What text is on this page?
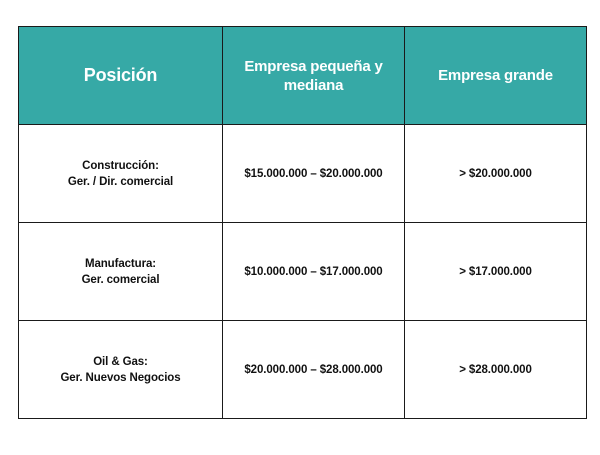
Posición	Empresa pequeña y mediana	Empresa grande

Construcción:
Ger. / Dir. comercial	$15.000.000 – $20.000.000	> $20.000.000

Manufactura:
Ger. comercial	$10.000.000 – $17.000.000	> $17.000.000

Oil & Gas:
Ger. Nuevos Negocios	$20.000.000 – $28.000.000	> $28.000.000
